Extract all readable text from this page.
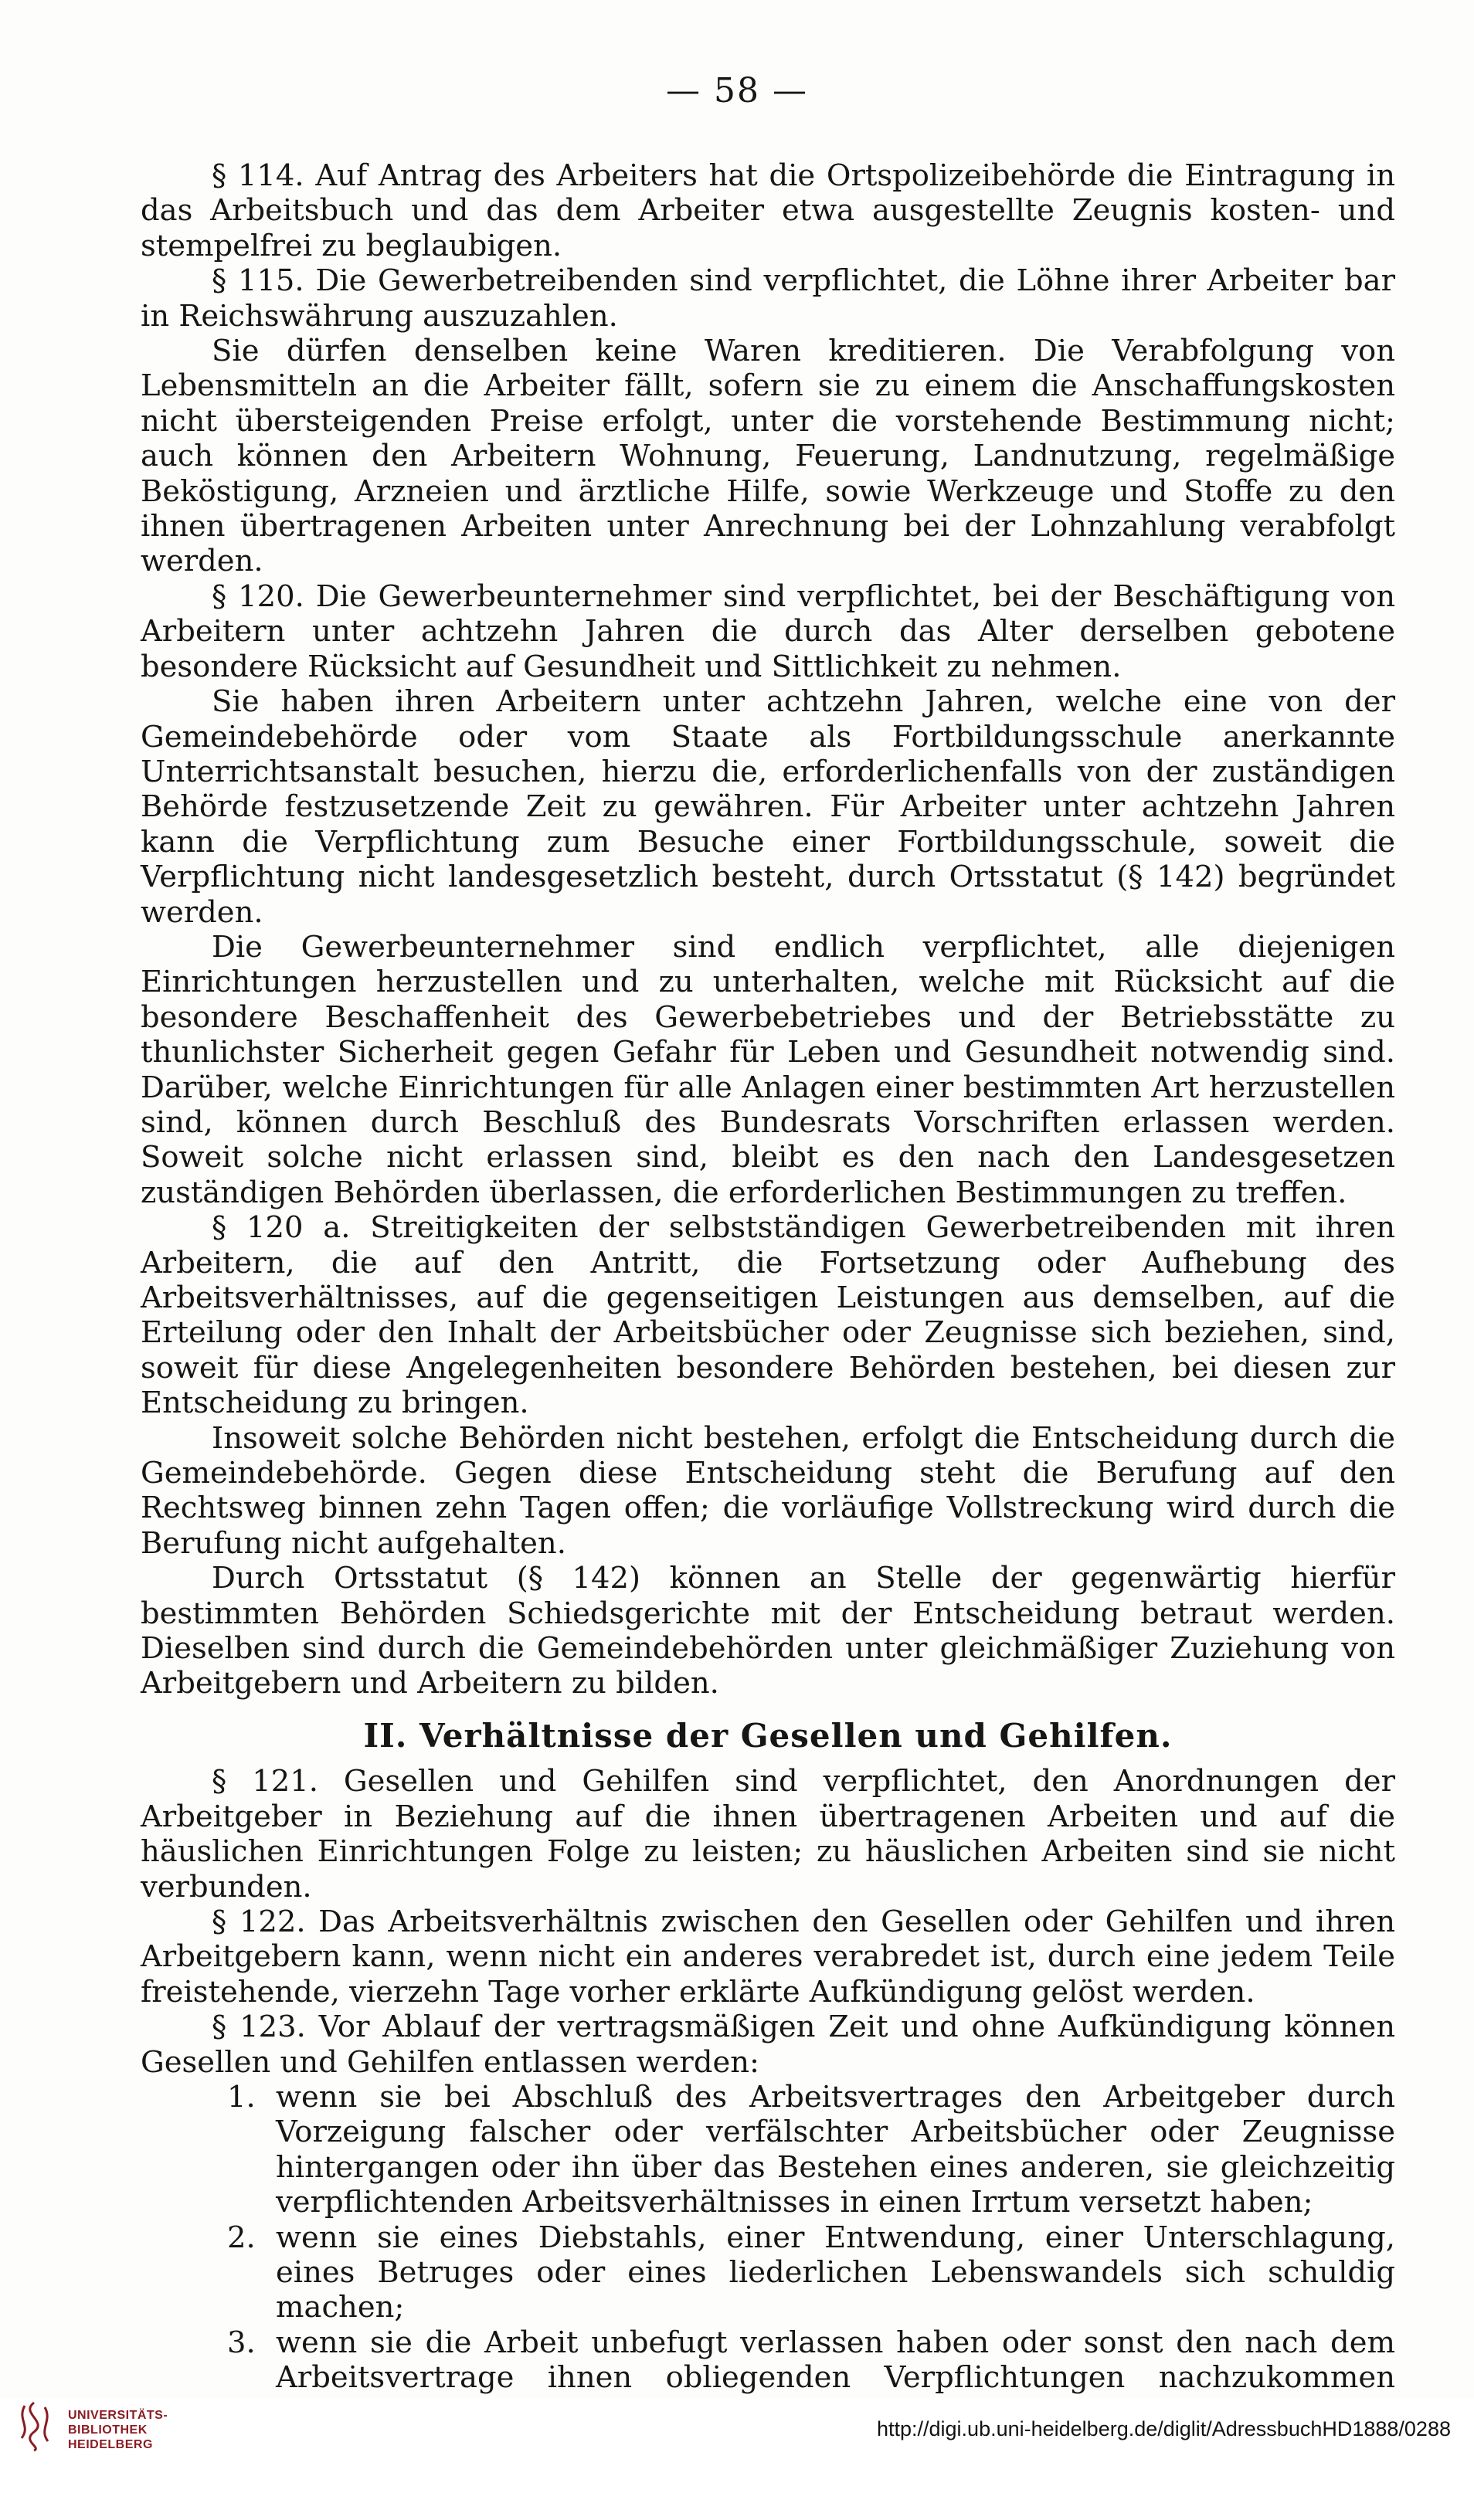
— 58 —

§ 114. Auf Antrag des Arbeiters hat die Ortspolizeibehörde die Eintragung in das Arbeitsbuch und das dem Arbeiter etwa ausgestellte Zeugnis kosten- und stempelfrei zu beglaubigen.

§ 115. Die Gewerbetreibenden sind verpflichtet, die Löhne ihrer Arbeiter bar in Reichswährung auszuzahlen.

Sie dürfen denselben keine Waren kreditieren. Die Verabfolgung von Lebensmitteln an die Arbeiter fällt, sofern sie zu einem die Anschaffungskosten nicht übersteigenden Preise erfolgt, unter die vorstehende Bestimmung nicht; auch können den Arbeitern Wohnung, Feuerung, Landnutzung, regelmäßige Beköstigung, Arzneien und ärztliche Hilfe, sowie Werkzeuge und Stoffe zu den ihnen übertragenen Arbeiten unter Anrechnung bei der Lohnzahlung verabfolgt werden.

§ 120. Die Gewerbeunternehmer sind verpflichtet, bei der Beschäftigung von Arbeitern unter achtzehn Jahren die durch das Alter derselben gebotene besondere Rücksicht auf Gesundheit und Sittlichkeit zu nehmen.

Sie haben ihren Arbeitern unter achtzehn Jahren, welche eine von der Gemeindebehörde oder vom Staate als Fortbildungsschule anerkannte Unterrichtsanstalt besuchen, hierzu die, erforderlichenfalls von der zuständigen Behörde festzusetzende Zeit zu gewähren. Für Arbeiter unter achtzehn Jahren kann die Verpflichtung zum Besuche einer Fortbildungsschule, soweit die Verpflichtung nicht landesgesetzlich besteht, durch Ortsstatut (§ 142) begründet werden.

Die Gewerbeunternehmer sind endlich verpflichtet, alle diejenigen Einrichtungen herzustellen und zu unterhalten, welche mit Rücksicht auf die besondere Beschaffenheit des Gewerbebetriebes und der Betriebsstätte zu thunlichster Sicherheit gegen Gefahr für Leben und Gesundheit notwendig sind. Darüber, welche Einrichtungen für alle Anlagen einer bestimmten Art herzustellen sind, können durch Beschluß des Bundesrats Vorschriften erlassen werden. Soweit solche nicht erlassen sind, bleibt es den nach den Landesgesetzen zuständigen Behörden überlassen, die erforderlichen Bestimmungen zu treffen.

§ 120 a. Streitigkeiten der selbstständigen Gewerbetreibenden mit ihren Arbeitern, die auf den Antritt, die Fortsetzung oder Aufhebung des Arbeitsverhältnisses, auf die gegenseitigen Leistungen aus demselben, auf die Erteilung oder den Inhalt der Arbeitsbücher oder Zeugnisse sich beziehen, sind, soweit für diese Angelegenheiten besondere Behörden bestehen, bei diesen zur Entscheidung zu bringen.

Insoweit solche Behörden nicht bestehen, erfolgt die Entscheidung durch die Gemeindebehörde. Gegen diese Entscheidung steht die Berufung auf den Rechtsweg binnen zehn Tagen offen; die vorläufige Vollstreckung wird durch die Berufung nicht aufgehalten.

Durch Ortsstatut (§ 142) können an Stelle der gegenwärtig hierfür bestimmten Behörden Schiedsgerichte mit der Entscheidung betraut werden. Dieselben sind durch die Gemeindebehörden unter gleichmäßiger Zuziehung von Arbeitgebern und Arbeitern zu bilden.

II. Verhältnisse der Gesellen und Gehilfen.

§ 121. Gesellen und Gehilfen sind verpflichtet, den Anordnungen der Arbeitgeber in Beziehung auf die ihnen übertragenen Arbeiten und auf die häuslichen Einrichtungen Folge zu leisten; zu häuslichen Arbeiten sind sie nicht verbunden.

§ 122. Das Arbeitsverhältnis zwischen den Gesellen oder Gehilfen und ihren Arbeitgebern kann, wenn nicht ein anderes verabredet ist, durch eine jedem Teile freistehende, vierzehn Tage vorher erklärte Aufkündigung gelöst werden.

§ 123. Vor Ablauf der vertragsmäßigen Zeit und ohne Aufkündigung können Gesellen und Gehilfen entlassen werden:

1. wenn sie bei Abschluß des Arbeitsvertrages den Arbeitgeber durch Vorzeigung falscher oder verfälschter Arbeitsbücher oder Zeugnisse hintergangen oder ihn über das Bestehen eines anderen, sie gleichzeitig verpflichtenden Arbeitsverhältnisses in einen Irrtum versetzt haben;
2. wenn sie eines Diebstahls, einer Entwendung, einer Unterschlagung, eines Betruges oder eines liederlichen Lebenswandels sich schuldig machen;
3. wenn sie die Arbeit unbefugt verlassen haben oder sonst den nach dem Arbeitsvertrage ihnen obliegenden Verpflichtungen nachzukommen
UNIVERSITÄTS-
BIBLIOTHEK
HEIDELBERG
http://digi.ub.uni-heidelberg.de/diglit/AdressbuchHD1888/0288
